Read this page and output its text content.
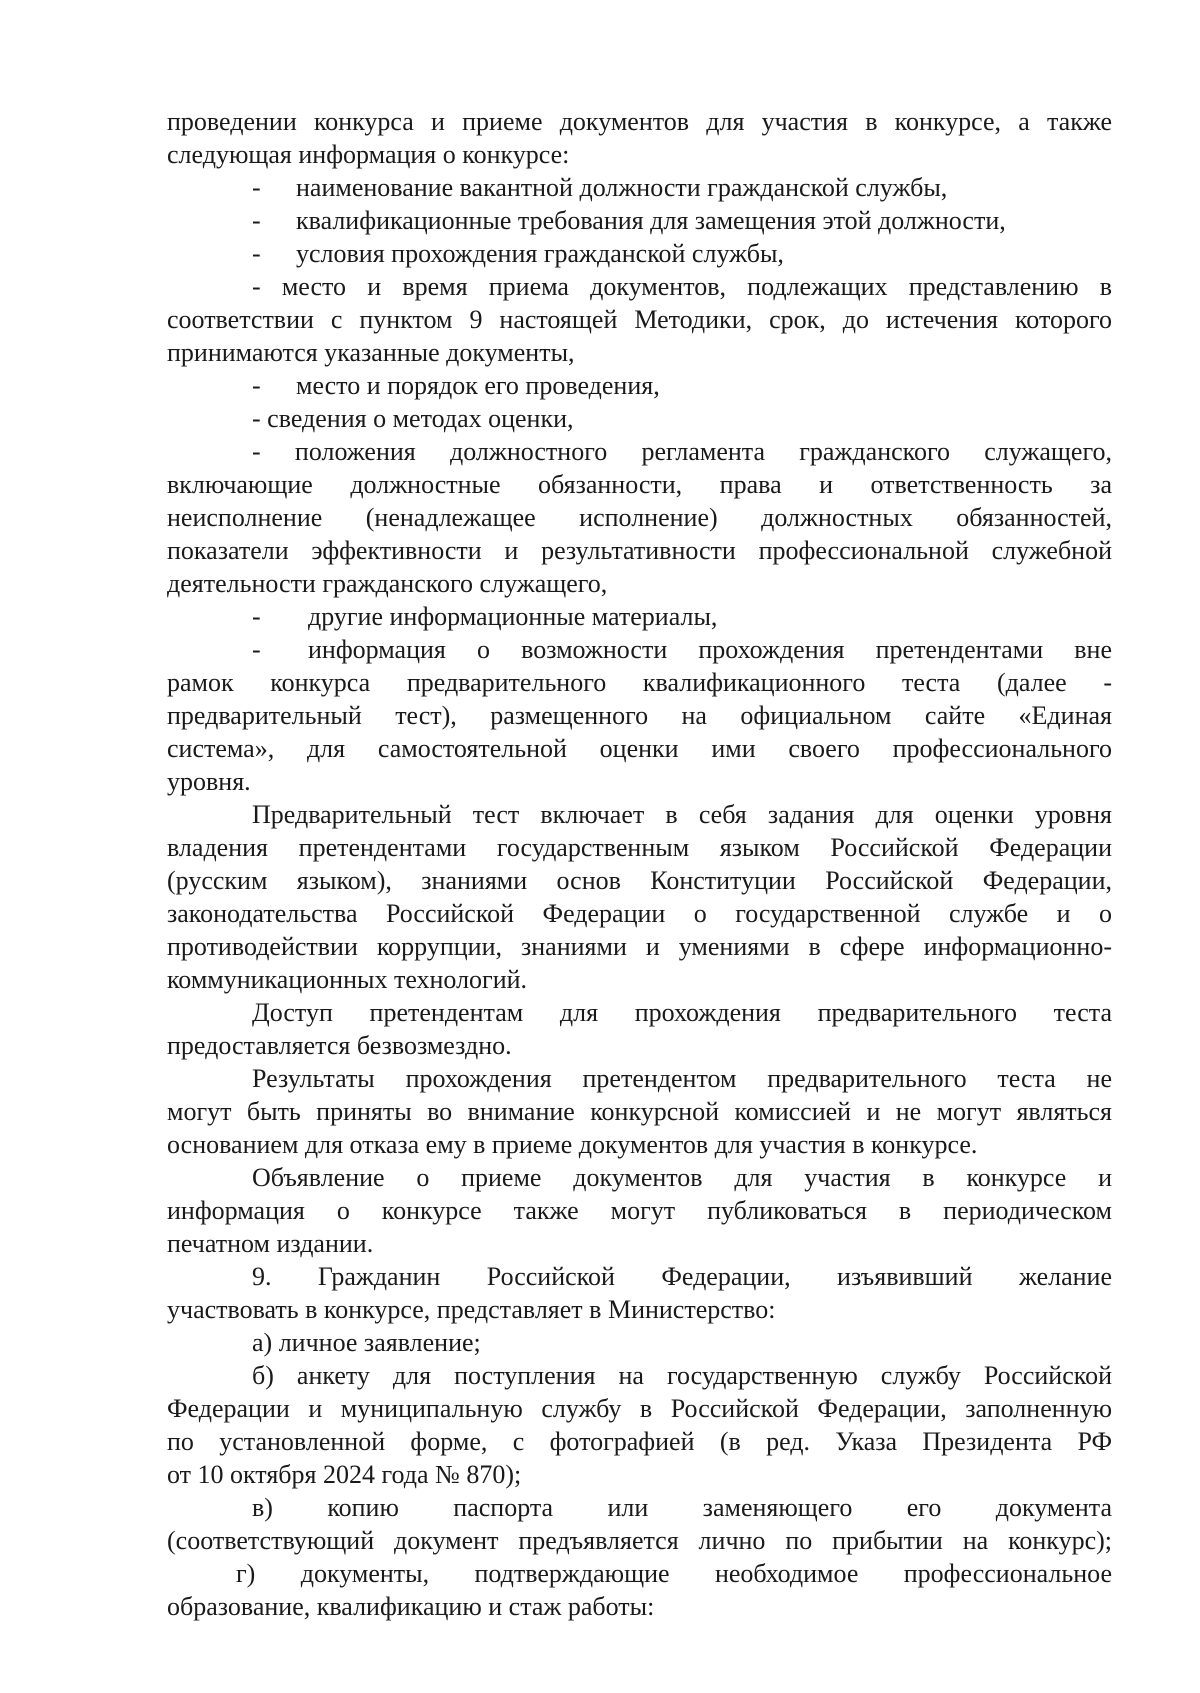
проведении конкурса и приеме документов для участия в конкурсе, а также
следующая информация о конкурсе:
- наименование вакантной должности гражданской службы,
- квалификационные требования для замещения этой должности,
- условия прохождения гражданской службы,
- место и время приема документов, подлежащих представлению в
соответствии с пунктом 9 настоящей Методики, срок, до истечения которого
принимаются указанные документы,
- место и порядок его проведения,
- сведения о методах оценки,
- положения должностного регламента гражданского служащего,
включающие должностные обязанности, права и ответственность за
неисполнение (ненадлежащее исполнение) должностных обязанностей,
показатели эффективности и результативности профессиональной служебной
деятельности гражданского служащего,
- другие информационные материалы,
- информация о возможности прохождения претендентами вне
рамок конкурса предварительного квалификационного теста (далее -
предварительный тест), размещенного на официальном сайте «Единая
система», для самостоятельной оценки ими своего профессионального
уровня.
Предварительный тест включает в себя задания для оценки уровня
владения претендентами государственным языком Российской Федерации
(русским языком), знаниями основ Конституции Российской Федерации,
законодательства Российской Федерации о государственной службе и о
противодействии коррупции, знаниями и умениями в сфере информационно-
коммуникационных технологий.
Доступ претендентам для прохождения предварительного теста
предоставляется безвозмездно.
Результаты прохождения претендентом предварительного теста не
могут быть приняты во внимание конкурсной комиссией и не могут являться
основанием для отказа ему в приеме документов для участия в конкурсе.
Объявление о приеме документов для участия в конкурсе и
информация о конкурсе также могут публиковаться в периодическом
печатном издании.
9. Гражданин Российской Федерации, изъявивший желание
участвовать в конкурсе, представляет в Министерство:
а) личное заявление;
б) анкету для поступления на государственную службу Российской
Федерации и муниципальную службу в Российской Федерации, заполненную
по установленной форме, с фотографией (в ред. Указа Президента РФ
от 10 октября 2024 года № 870);
в) копию паспорта или заменяющего его документа
(соответствующий документ предъявляется лично по прибытии на конкурс);
г) документы, подтверждающие необходимое профессиональное
образование, квалификацию и стаж работы:
